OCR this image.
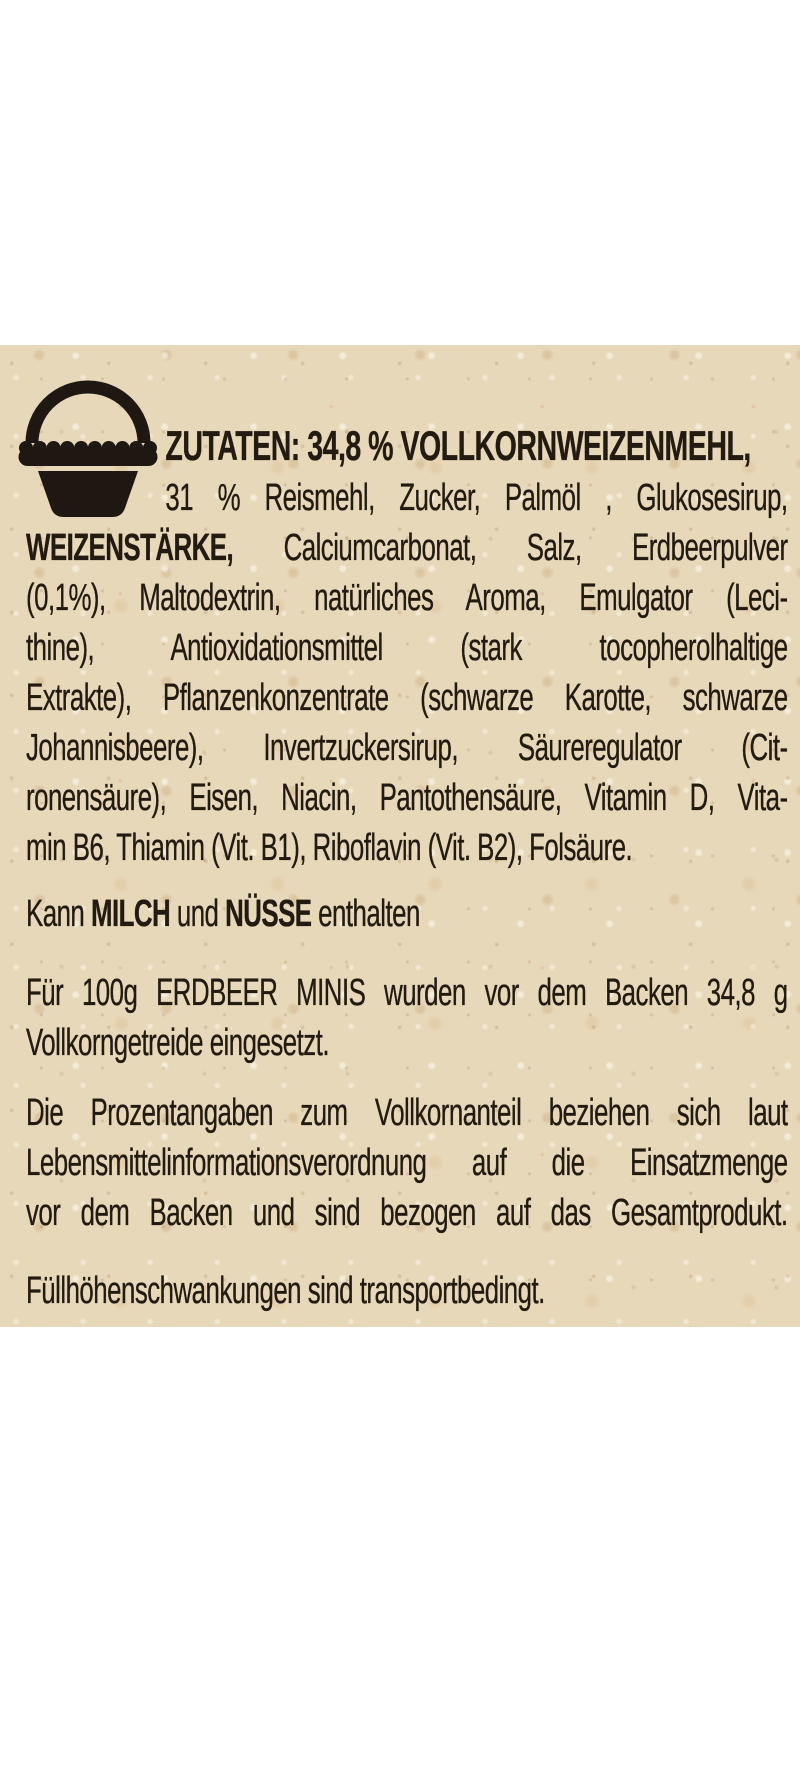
ZUTATEN: 34,8 % VOLLKORNWEIZENMEHL,
31 % Reismehl, Zucker, Palmöl , Glukosesirup,
WEIZENSTÄRKE, Calciumcarbonat, Salz, Erdbeerpulver
(0,1%), Maltodextrin, natürliches Aroma, Emulgator (Leci-
thine), Antioxidationsmittel (stark tocopherolhaltige
Extrakte), Pflanzenkonzentrate (schwarze Karotte, schwarze
Johannisbeere), Invertzuckersirup, Säureregulator (Cit-
ronensäure), Eisen, Niacin, Pantothensäure, Vitamin D, Vita-
min B6, Thiamin (Vit. B1), Riboflavin (Vit. B2), Folsäure.
Kann MILCH und NÜSSE enthalten
Für 100g ERDBEER MINIS wurden vor dem Backen 34,8 g
Vollkorngetreide eingesetzt.
Die Prozentangaben zum Vollkornanteil beziehen sich laut
Lebensmittelinformationsverordnung auf die Einsatzmenge
vor dem Backen und sind bezogen auf das Gesamtprodukt.
Füllhöhenschwankungen sind transportbedingt.
